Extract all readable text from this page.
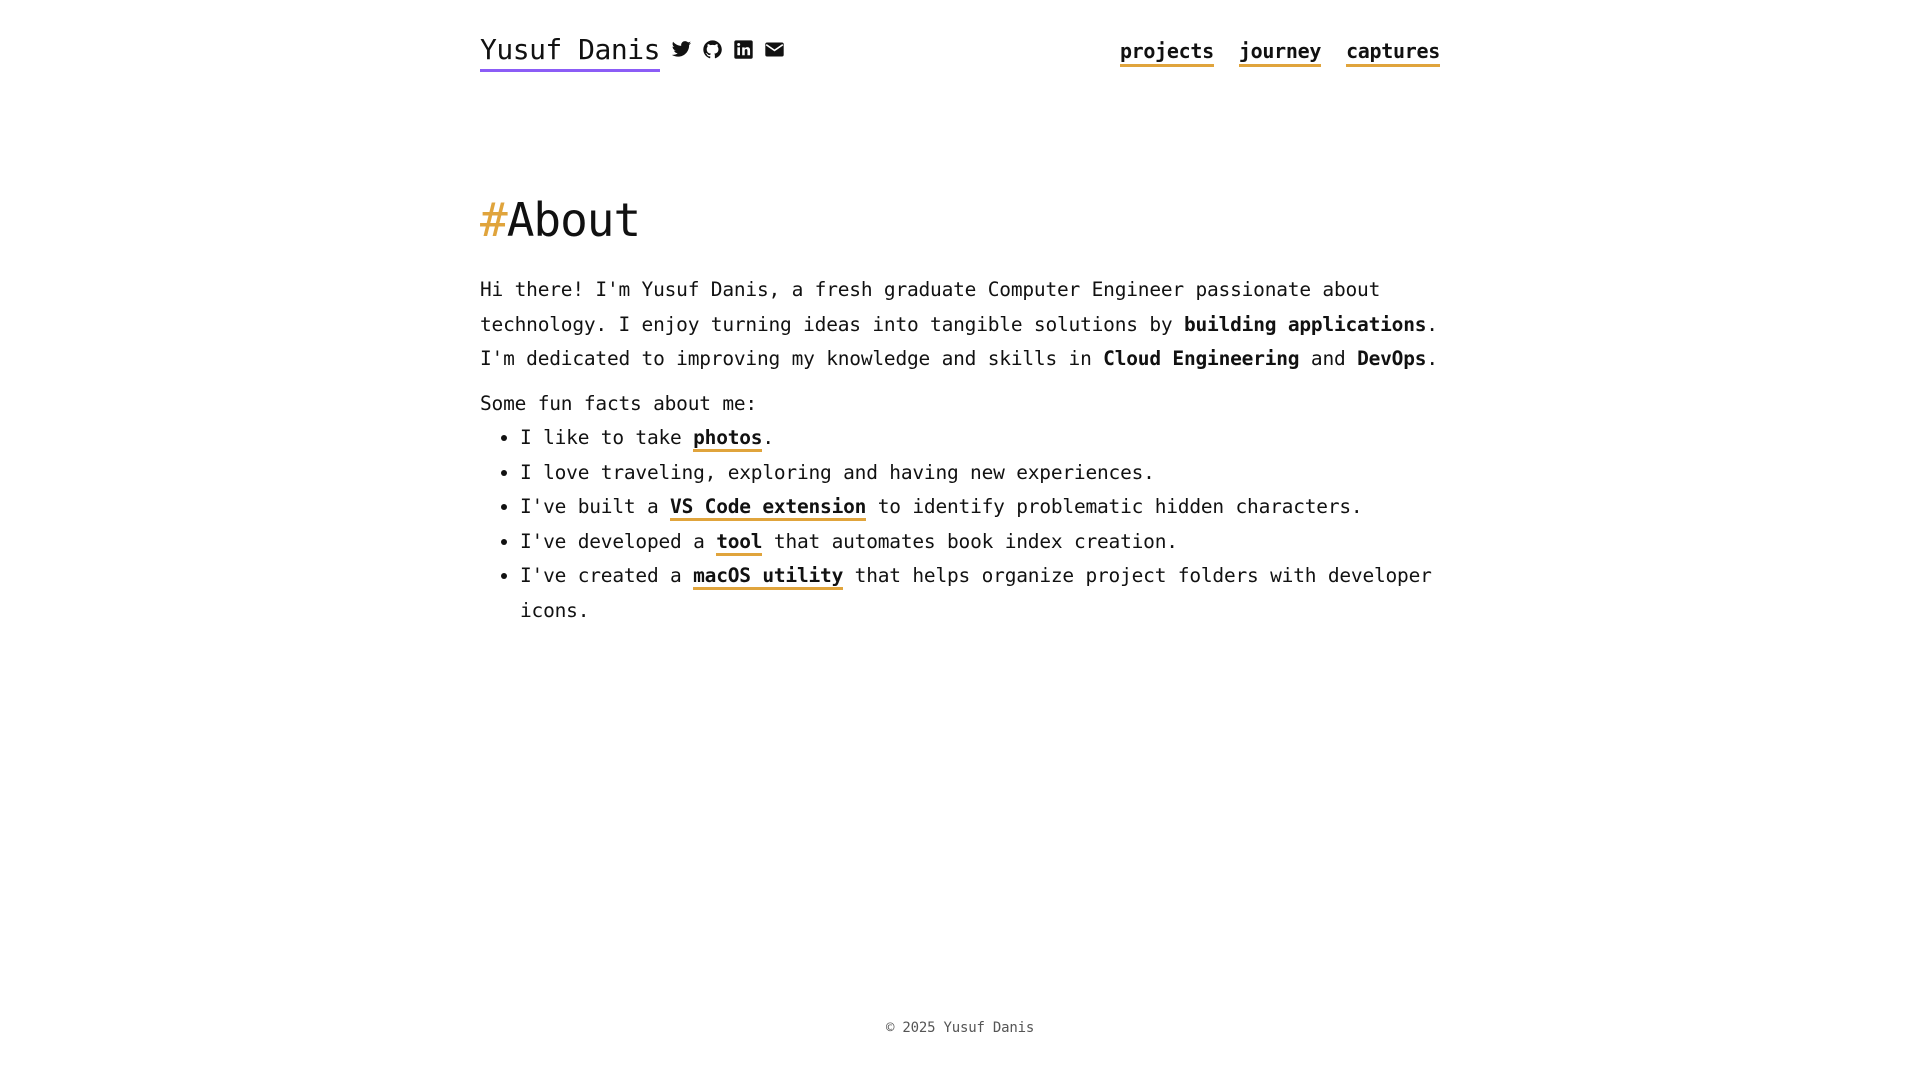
Yusuf Danis	projects journey captures
#About

Hi there! I'm Yusuf Danis, a fresh graduate Computer Engineer passionate about technology. I enjoy turning ideas into tangible solutions by building applications. I'm dedicated to improving my knowledge and skills in Cloud Engineering and DevOps.

Some fun facts about me:

• I like to take photos.
• I love traveling, exploring and having new experiences.
• I've built a VS Code extension to identify problematic hidden characters.
• I've developed a tool that automates book index creation.
• I've created a macOS utility that helps organize project folders with developer icons.
© 2025 Yusuf Danis
